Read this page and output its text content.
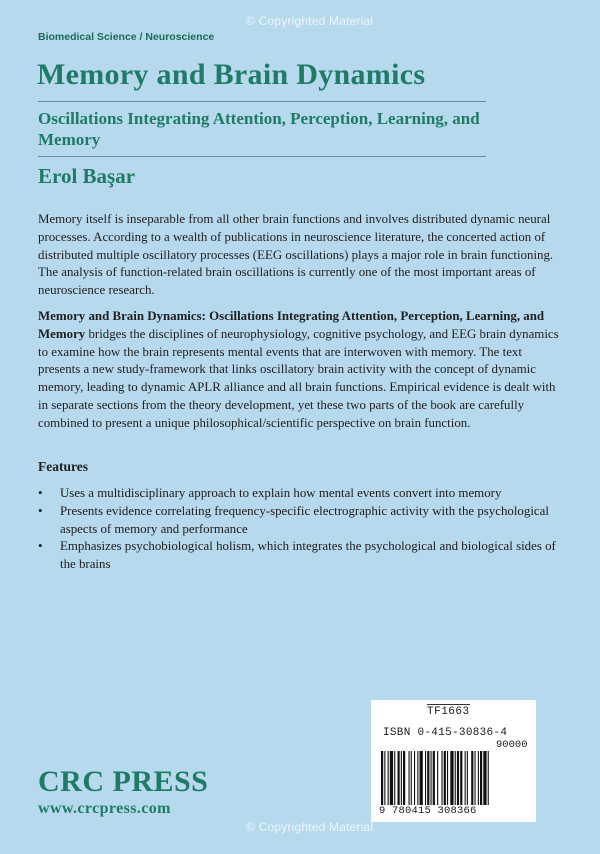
© Copyrighted Material
Biomedical Science / Neuroscience
Memory and Brain Dynamics
Oscillations Integrating Attention, Perception, Learning, and Memory
Erol Başar

Memory itself is inseparable from all other brain functions and involves distributed dynamic neural processes. According to a wealth of publications in neuroscience literature, the concerted action of distributed multiple oscillatory processes (EEG oscillations) plays a major role in brain functioning. The analysis of function-related brain oscillations is currently one of the most important areas of neuroscience research.

Memory and Brain Dynamics: Oscillations Integrating Attention, Perception, Learning, and Memory bridges the disciplines of neurophysiology, cognitive psychology, and EEG brain dynamics to examine how the brain represents mental events that are interwoven with memory. The text presents a new study-framework that links oscillatory brain activity with the concept of dynamic memory, leading to dynamic APLR alliance and all brain functions. Empirical evidence is dealt with in separate sections from the theory development, yet these two parts of the book are carefully combined to present a unique philosophical/scientific perspective on brain function.

Features
• Uses a multidisciplinary approach to explain how mental events convert into memory
• Presents evidence correlating frequency-specific electrographic activity with the psychological aspects of memory and performance
• Emphasizes psychobiological holism, which integrates the psychological and biological sides of the brains
CRC PRESS
www.crcpress.com
TF1663
ISBN 0-415-30836-4
90000
9 780415 308366
© Copyrighted Material
